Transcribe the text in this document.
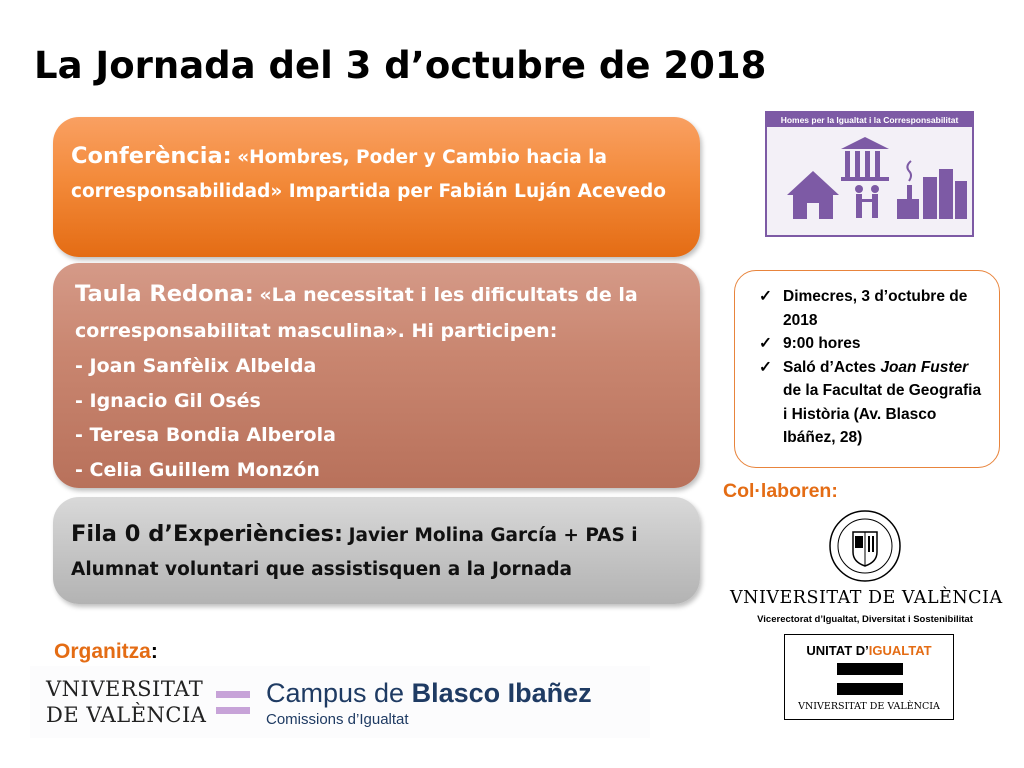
La Jornada del 3 d’octubre de 2018
Conferència: «Hombres, Poder y Cambio hacia la corresponsabilidad» Impartida per Fabián Luján Acevedo
Taula Redona: «La necessitat i les dificultats de la corresponsabilitat masculina». Hi participen:
- Joan Sanfèlix Albelda
- Ignacio Gil Osés
- Teresa Bondia Alberola
- Celia Guillem Monzón
Fila 0 d’Experiències: Javier Molina García + PAS i Alumnat voluntari que assistisquen a la Jornada
Homes per la Igualtat i la Corresponsabilitat
✓ Dimecres, 3 d’octubre de 2018
✓ 9:00 hores
✓ Saló d’Actes Joan Fuster de la Facultat de Geografia i Història (Av. Blasco Ibáñez, 28)
Col·laboren:
VNIVERSITAT DE VALÈNCIA
Vicerectorat d’Igualtat, Diversitat i Sostenibilitat
UNITAT D’IGUALTAT
VNIVERSITAT DE VALÈNCIA
Organitza:
VNIVERSITAT
DE VALÈNCIA
Campus de Blasco Ibañez
Comissions d’Igualtat
